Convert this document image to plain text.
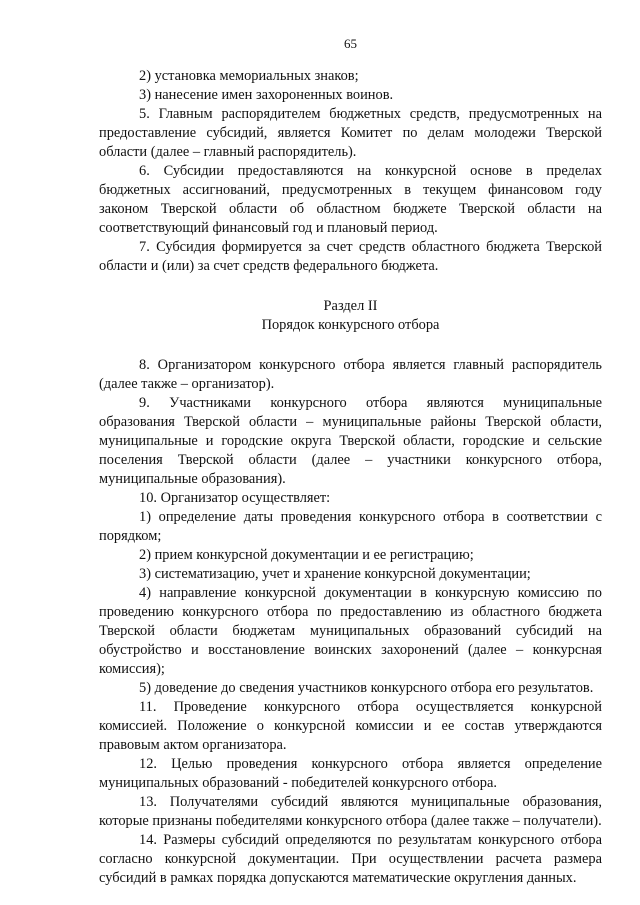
65

2) установка мемориальных знаков;

3) нанесение имен захороненных воинов.

5. Главным распорядителем бюджетных средств, предусмотренных на предоставление субсидий, является Комитет по делам молодежи Тверской области (далее – главный распорядитель).

6. Субсидии предоставляются на конкурсной основе в пределах бюджетных ассигнований, предусмотренных в текущем финансовом году законом Тверской области об областном бюджете Тверской области на соответствующий финансовый год и плановый период.

7. Субсидия формируется за счет средств областного бюджета Тверской области и (или) за счет средств федерального бюджета.

Раздел II
Порядок конкурсного отбора

8. Организатором конкурсного отбора является главный распорядитель (далее также – организатор).

9. Участниками конкурсного отбора являются муниципальные образования Тверской области – муниципальные районы Тверской области, муниципальные и городские округа Тверской области, городские и сельские поселения Тверской области (далее – участники конкурсного отбора, муниципальные образования).

10. Организатор осуществляет:

1) определение даты проведения конкурсного отбора в соответствии с порядком;

2) прием конкурсной документации и ее регистрацию;

3) систематизацию, учет и хранение конкурсной документации;

4) направление конкурсной документации в конкурсную комиссию по проведению конкурсного отбора по предоставлению из областного бюджета Тверской области бюджетам муниципальных образований субсидий на обустройство и восстановление воинских захоронений (далее – конкурсная комиссия);

5) доведение до сведения участников конкурсного отбора его результатов.

11. Проведение конкурсного отбора осуществляется конкурсной комиссией. Положение о конкурсной комиссии и ее состав утверждаются правовым актом организатора.

12. Целью проведения конкурсного отбора является определение муниципальных образований - победителей конкурсного отбора.

13. Получателями субсидий являются муниципальные образования, которые признаны победителями конкурсного отбора (далее также – получатели).

14. Размеры субсидий определяются по результатам конкурсного отбора согласно конкурсной документации. При осуществлении расчета размера субсидий в рамках порядка допускаются математические округления данных.
